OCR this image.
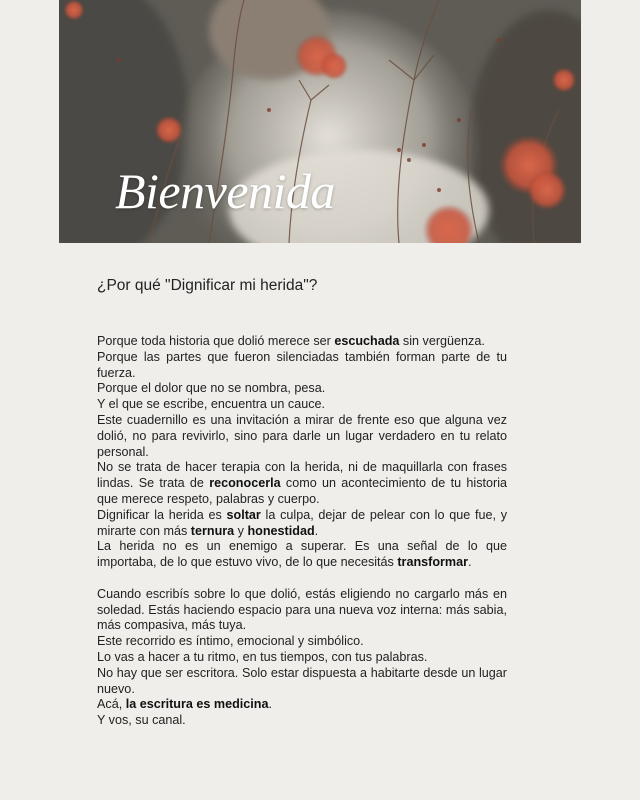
Bienvenida
¿Por qué "Dignificar mi herida"?

Porque toda historia que dolió merece ser escuchada sin vergüenza.

Porque las partes que fueron silenciadas también forman parte de tu fuerza.

Porque el dolor que no se nombra, pesa.

Y el que se escribe, encuentra un cauce.

Este cuadernillo es una invitación a mirar de frente eso que alguna vez dolió, no para revivirlo, sino para darle un lugar verdadero en tu relato personal.

No se trata de hacer terapia con la herida, ni de maquillarla con frases lindas. Se trata de reconocerla como un acontecimiento de tu historia que merece respeto, palabras y cuerpo.

Dignificar la herida es soltar la culpa, dejar de pelear con lo que fue, y mirarte con más ternura y honestidad.

La herida no es un enemigo a superar. Es una señal de lo que importaba, de lo que estuvo vivo, de lo que necesitás transformar.

Cuando escribís sobre lo que dolió, estás eligiendo no cargarlo más en soledad. Estás haciendo espacio para una nueva voz interna: más sabia, más compasiva, más tuya.

Este recorrido es íntimo, emocional y simbólico.

Lo vas a hacer a tu ritmo, en tus tiempos, con tus palabras.

No hay que ser escritora. Solo estar dispuesta a habitarte desde un lugar nuevo.

Acá, la escritura es medicina.

Y vos, su canal.
